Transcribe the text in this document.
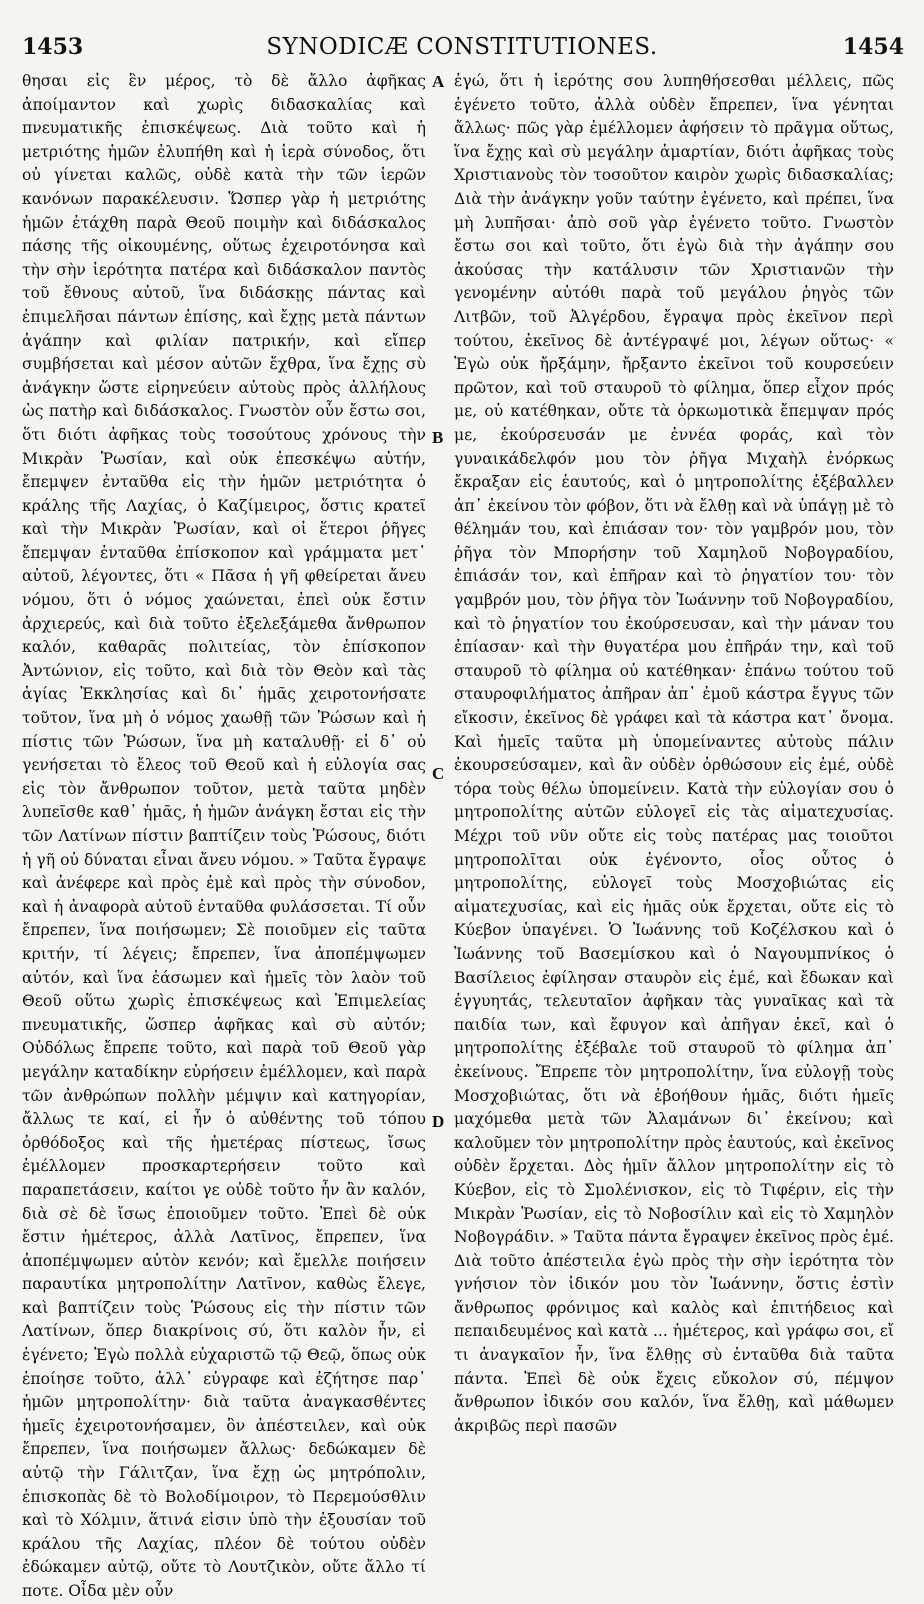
1453	SYNODICÆ CONSTITUTIONES.	1454

θησαι εἰς ἓν μέρος, τὸ δὲ ἄλλο ἀφῆκας ἀποίμαντον καὶ χωρὶς διδασκαλίας καὶ πνευματικῆς ἐπισκέψεως. Διὰ τοῦτο καὶ ἡ μετριότης ἡμῶν ἐλυπήθη καὶ ἡ ἱερὰ σύνοδος, ὅτι οὐ γίνεται καλῶς, οὐδὲ κατὰ τὴν τῶν ἱερῶν κανόνων παρακέλευσιν. Ὥσπερ γὰρ ἡ μετριότης ἡμῶν ἐτάχθη παρὰ Θεοῦ ποιμὴν καὶ διδάσκαλος πάσης τῆς οἰκουμένης, οὕτως ἐχειροτόνησα καὶ τὴν σὴν ἱερότητα πατέρα καὶ διδάσκαλον παντὸς τοῦ ἔθνους αὐτοῦ, ἵνα διδάσκῃς πάντας καὶ ἐπιμελῆσαι πάντων ἐπίσης, καὶ ἔχῃς μετὰ πάντων ἀγάπην καὶ φιλίαν πατρικήν, καὶ εἴπερ συμβήσεται καὶ μέσον αὐτῶν ἔχθρα, ἵνα ἔχῃς σὺ ἀνάγκην ὥστε εἰρηνεύειν αὐτοὺς πρὸς ἀλλήλους ὡς πατὴρ καὶ διδάσκαλος. Γνωστὸν οὖν ἔστω σοι, ὅτι διότι ἀφῆκας τοὺς τοσούτους χρόνους τὴν Μικρὰν Ῥωσίαν, καὶ οὐκ ἐπεσκέψω αὐτήν, ἔπεμψεν ἐνταῦθα εἰς τὴν ἡμῶν μετριότητα ὁ κράλης τῆς Λαχίας, ὁ Καζίμειρος, ὅστις κρατεῖ καὶ τὴν Μικρὰν Ῥωσίαν, καὶ οἱ ἕτεροι ῥῆγες ἔπεμψαν ἐνταῦθα ἐπίσκοπον καὶ γράμματα μετ᾽ αὐτοῦ, λέγοντες, ὅτι « Πᾶσα ἡ γῆ φθείρεται ἄνευ νόμου, ὅτι ὁ νόμος χαώνεται, ἐπεὶ οὐκ ἔστιν ἀρχιερεύς, καὶ διὰ τοῦτο ἐξελεξάμεθα ἄνθρωπον καλόν, καθαρᾶς πολιτείας, τὸν ἐπίσκοπον Ἀντώνιον, εἰς τοῦτο, καὶ διὰ τὸν Θεὸν καὶ τὰς ἁγίας Ἐκκλησίας καὶ δι᾽ ἡμᾶς χειροτονήσατε τοῦτον, ἵνα μὴ ὁ νόμος χαωθῇ τῶν Ῥώσων καὶ ἡ πίστις τῶν Ῥώσων, ἵνα μὴ καταλυθῇ· εἰ δ᾽ οὐ γενήσεται τὸ ἔλεος τοῦ Θεοῦ καὶ ἡ εὐλογία σας εἰς τὸν ἄνθρωπον τοῦτον, μετὰ ταῦτα μηδὲν λυπεῖσθε καθ᾽ ἡμᾶς, ἡ ἡμῶν ἀνάγκη ἔσται εἰς τὴν τῶν Λατίνων πίστιν βαπτίζειν τοὺς Ῥώσους, διότι ἡ γῆ οὐ δύναται εἶναι ἄνευ νόμου. » Ταῦτα ἔγραψε καὶ ἀνέφερε καὶ πρὸς ἐμὲ καὶ πρὸς τὴν σύνοδον, καὶ ἡ ἀναφορὰ αὐτοῦ ἐνταῦθα φυλάσσεται. Τί οὖν ἔπρεπεν, ἵνα ποιήσωμεν; Σὲ ποιοῦμεν εἰς ταῦτα κριτήν, τί λέγεις; ἔπρεπεν, ἵνα ἀποπέμψωμεν αὐτόν, καὶ ἵνα ἐάσωμεν καὶ ἡμεῖς τὸν λαὸν τοῦ Θεοῦ οὕτω χωρὶς ἐπισκέψεως καὶ Ἐπιμελείας πνευματικῆς, ὥσπερ ἀφῆκας καὶ σὺ αὐτόν; Οὐδόλως ἔπρεπε τοῦτο, καὶ παρὰ τοῦ Θεοῦ γὰρ μεγάλην καταδίκην εὑρήσειν ἐμέλλομεν, καὶ παρὰ τῶν ἀνθρώπων πολλὴν μέμψιν καὶ κατηγορίαν, ἄλλως τε καί, εἰ ἦν ὁ αὐθέντης τοῦ τόπου ὀρθόδοξος καὶ τῆς ἡμετέρας πίστεως, ἴσως ἐμέλλομεν προσκαρτερήσειν τοῦτο καὶ παραπετάσειν, καίτοι γε οὐδὲ τοῦτο ἦν ἂν καλόν, διὰ σὲ δὲ ἴσως ἐποιοῦμεν τοῦτο. Ἐπεὶ δὲ οὐκ ἔστιν ἡμέτερος, ἀλλὰ Λατῖνος, ἔπρεπεν, ἵνα ἀποπέμψωμεν αὐτὸν κενόν; καὶ ἔμελλε ποιήσειν παραυτίκα μητροπολίτην Λατῖνον, καθὼς ἔλεγε, καὶ βαπτίζειν τοὺς Ῥώσους εἰς τὴν πίστιν τῶν Λατίνων, ὅπερ διακρίνοις σύ, ὅτι καλὸν ἦν, εἰ ἐγένετο; Ἐγὼ πολλὰ εὐχαριστῶ τῷ Θεῷ, ὅπως οὐκ ἐποίησε τοῦτο, ἀλλ᾽ εὐγραφε καὶ ἐζήτησε παρ᾽ ἡμῶν μητροπολίτην· διὰ ταῦτα ἀναγκασθέντες ἡμεῖς ἐχειροτονήσαμεν, ὃν ἀπέστειλεν, καὶ οὐκ ἔπρεπεν, ἵνα ποιήσωμεν ἄλλως· δεδώκαμεν δὲ αὐτῷ τὴν Γάλιτζαν, ἵνα ἔχῃ ὡς μητρόπολιν, ἐπισκοπὰς δὲ τὸ Βολοδίμοιρον, τὸ Περεμούσθλιν καὶ τὸ Χόλμιν, ἅτινά εἰσιν ὑπὸ τὴν ἐξουσίαν τοῦ κράλου τῆς Λαχίας, πλέον δὲ τούτου οὐδὲν ἐδώκαμεν αὐτῷ, οὔτε τὸ Λουτζικὸν, οὔτε ἄλλο τί ποτε. Οἶδα μὲν οὖν

A
B
C
D

ἐγώ, ὅτι ἡ ἱερότης σου λυπηθήσεσθαι μέλλεις, πῶς ἐγένετο τοῦτο, ἀλλὰ οὐδὲν ἔπρεπεν, ἵνα γένηται ἄλλως· πῶς γὰρ ἐμέλλομεν ἀφήσειν τὸ πρᾶγμα οὕτως, ἵνα ἔχῃς καὶ σὺ μεγάλην ἁμαρτίαν, διότι ἀφῆκας τοὺς Χριστιανοὺς τὸν τοσοῦτον καιρὸν χωρὶς διδασκαλίας; Διὰ τὴν ἀνάγκην γοῦν ταύτην ἐγένετο, καὶ πρέπει, ἵνα μὴ λυπῆσαι· ἀπὸ σοῦ γὰρ ἐγένετο τοῦτο. Γνωστὸν ἔστω σοι καὶ τοῦτο, ὅτι ἐγὼ διὰ τὴν ἀγάπην σου ἀκούσας τὴν κατάλυσιν τῶν Χριστιανῶν τὴν γενομένην αὐτόθι παρὰ τοῦ μεγάλου ῥηγὸς τῶν Λιτβῶν, τοῦ Ἀλγέρδου, ἔγραψα πρὸς ἐκεῖνον περὶ τούτου, ἐκεῖνος δὲ ἀντέγραψέ μοι, λέγων οὕτως· « Ἐγὼ οὐκ ἤρξάμην, ἤρξαντο ἐκεῖνοι τοῦ κουρσεύειν πρῶτον, καὶ τοῦ σταυροῦ τὸ φίλημα, ὅπερ εἶχον πρός με, οὐ κατέθηκαν, οὔτε τὰ ὁρκωμοτικὰ ἔπεμψαν πρός με, ἐκούρσευσάν με ἐννέα φοράς, καὶ τὸν γυναικάδελφόν μου τὸν ῥῆγα Μιχαὴλ ἐνόρκως ἔκραξαν εἰς ἑαυτούς, καὶ ὁ μητροπολίτης ἐξέβαλλεν ἀπ᾽ ἐκείνου τὸν φόβον, ὅτι νὰ ἔλθῃ καὶ νὰ ὑπάγῃ μὲ τὸ θέλημάν του, καὶ ἐπιάσαν τον· τὸν γαμβρόν μου, τὸν ῥῆγα τὸν Μπορήσην τοῦ Χαμηλοῦ Νοβογραδίου, ἐπιάσάν τον, καὶ ἐπῆραν καὶ τὸ ῥηγατίον του· τὸν γαμβρόν μου, τὸν ῥῆγα τὸν Ἰωάννην τοῦ Νοβογραδίου, καὶ τὸ ῥηγατίον του ἐκούρσευσαν, καὶ τὴν μάναν του ἐπίασαν· καὶ τὴν θυγατέρα μου ἐπῆράν την, καὶ τοῦ σταυροῦ τὸ φίλημα οὐ κατέθηκαν· ἐπάνω τούτου τοῦ σταυροφιλήματος ἀπῆραν ἀπ᾽ ἐμοῦ κάστρα ἔγγυς τῶν εἴκοσιν, ἐκεῖνος δὲ γράφει καὶ τὰ κάστρα κατ᾽ ὄνομα. Καὶ ἡμεῖς ταῦτα μὴ ὑπομείναντες αὐτοὺς πάλιν ἐκουρσεύσαμεν, καὶ ἂν οὐδὲν ὀρθώσουν εἰς ἐμέ, οὐδὲ τόρα τοὺς θέλω ὑπομείνειν. Κατὰ τὴν εὐλογίαν σου ὁ μητροπολίτης αὐτῶν εὐλογεῖ εἰς τὰς αἱματεχυσίας. Μέχρι τοῦ νῦν οὔτε εἰς τοὺς πατέρας μας τοιοῦτοι μητροπολῖται οὐκ ἐγένοντο, οἷος οὗτος ὁ μητροπολίτης, εὐλογεῖ τοὺς Μοσχοβιώτας εἰς αἱματεχυσίας, καὶ εἰς ἡμᾶς οὐκ ἔρχεται, οὔτε εἰς τὸ Κύεβον ὑπαγένει. Ὁ Ἰωάννης τοῦ Κοζέλσκου καὶ ὁ Ἰωάννης τοῦ Βασεμίσκου καὶ ὁ Ναγουμπνίκος ὁ Βασίλειος ἐφίλησαν σταυρὸν εἰς ἐμέ, καὶ ἔδωκαν καὶ ἐγγυητάς, τελευταῖον ἀφῆκαν τὰς γυναῖκας καὶ τὰ παιδία των, καὶ ἔφυγον καὶ ἀπῆγαν ἐκεῖ, καὶ ὁ μητροπολίτης ἐξέβαλε τοῦ σταυροῦ τὸ φίλημα ἀπ᾽ ἐκείνους. Ἔπρεπε τὸν μητροπολίτην, ἵνα εὐλογῇ τοὺς Μοσχοβιώτας, ὅτι νὰ ἐβοήθουν ἡμᾶς, διότι ἡμεῖς μαχόμεθα μετὰ τῶν Ἀλαμάνων δι᾽ ἐκείνου; καὶ καλοῦμεν τὸν μητροπολίτην πρὸς ἑαυτούς, καὶ ἐκεῖνος οὐδὲν ἔρχεται. Δὸς ἡμῖν ἄλλον μητροπολίτην εἰς τὸ Κύεβον, εἰς τὸ Σμολένισκον, εἰς τὸ Τιφέριν, εἰς τὴν Μικρὰν Ῥωσίαν, εἰς τὸ Νοβοσίλιν καὶ εἰς τὸ Χαμηλὸν Νοβογράδιν. » Ταῦτα πάντα ἔγραψεν ἐκεῖνος πρὸς ἐμέ. Διὰ τοῦτο ἀπέστειλα ἐγὼ πρὸς τὴν σὴν ἱερότητα τὸν γνήσιον τὸν ἰδικόν μου τὸν Ἰωάννην, ὅστις ἐστὶν ἄνθρωπος φρόνιμος καὶ καλὸς καὶ ἐπιτήδειος καὶ πεπαιδευμένος καὶ κατὰ ... ἡμέτερος, καὶ γράφω σοι, εἴ τι ἀναγκαῖον ἦν, ἵνα ἔλθῃς σὺ ἐνταῦθα διὰ ταῦτα πάντα. Ἐπεὶ δὲ οὐκ ἔχεις εὔκολον σύ, πέμψον ἄνθρωπον ἰδικόν σου καλόν, ἵνα ἔλθῃ, καὶ μάθωμεν ἀκριβῶς περὶ πασῶν
